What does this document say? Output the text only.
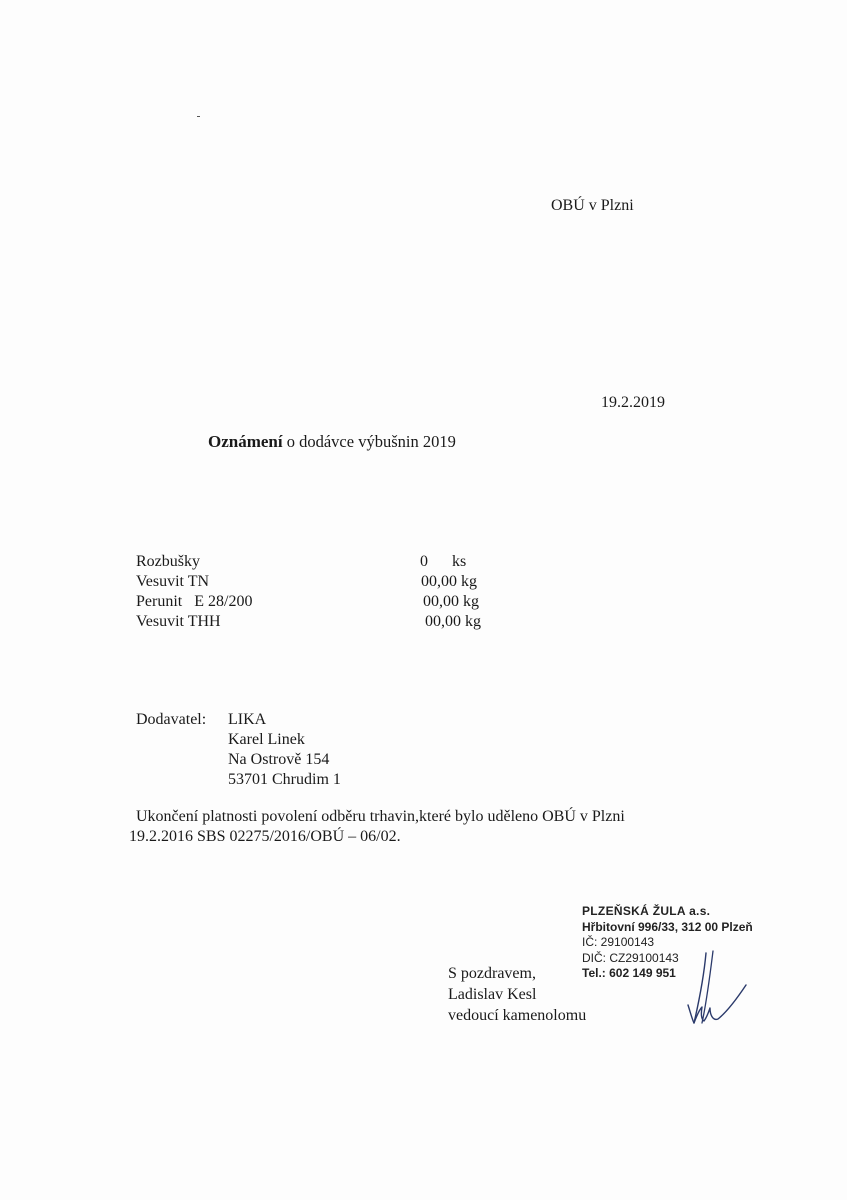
OBÚ v Plzni
19.2.2019
Oznámení o dodávce výbušnin 2019
Rozbušky	0      ks
Vesuvit TN	00,00 kg
Perunit   E 28/200	00,00 kg
Vesuvit THH	00,00 kg
Dodavatel: LIKA
Karel Linek
Na Ostrově 154
53701 Chrudim 1
Ukončení platnosti povolení odběru trhavin,které bylo uděleno OBÚ v Plzni
19.2.2016 SBS 02275/2016/OBÚ – 06/02.
PLZEŇSKÁ ŽULA a.s.
Hřbitovní 996/33, 312 00 Plzeň
IČ: 29100143
DIČ: CZ29100143
Tel.: 602 149 951
S pozdravem,
Ladislav Kesl
vedoucí kamenolomu
